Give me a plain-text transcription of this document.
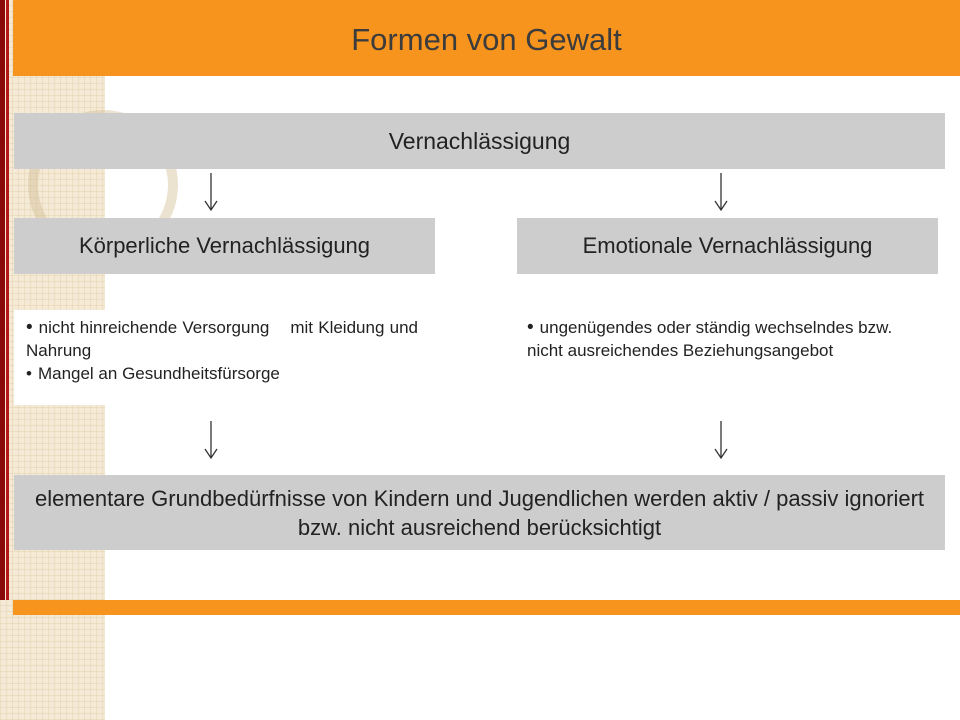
Formen von Gewalt
Vernachlässigung
Körperliche Vernachlässigung	Emotionale Vernachlässigung
• nicht hinreichende Versorgung    mit Kleidung und Nahrung
• Mangel an Gesundheitsfürsorge
• ungenügendes oder ständig wechselndes bzw. nicht ausreichendes Beziehungsangebot
elementare Grundbedürfnisse von Kindern und Jugendlichen werden aktiv / passiv ignoriert bzw. nicht ausreichend berücksichtigt
